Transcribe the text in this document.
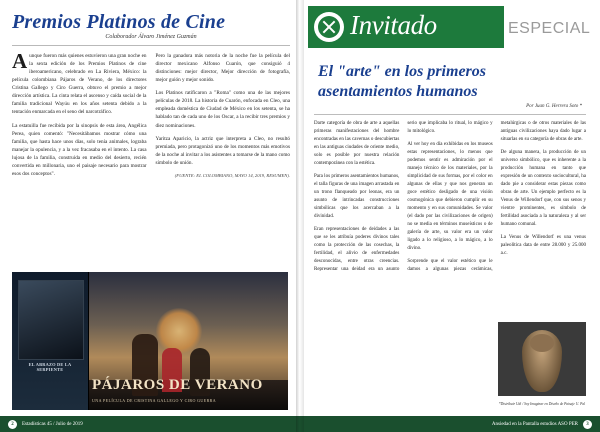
Premios Platinos de Cine
Colaborador Álvaro Jiménez Guzmán

Aunque fueron más quienes estuvieron una gran noche en la sexta edición de los Premios Platinos de cine iberoamericano, celebrado en La Riviera, México: la película colombiana Pájaros de Verano, de los directores Cristina Gallego y Ciro Guerra, obtuvo el premio a mejor dirección artística. La cinta relata el ascenso y caída social de la familia tradicional Wayúu en los años setenta debido a la tentación enmarcada en el seno del narcotráfico.

La estatuilla fue recibida por la sinopsis de esta área, Angélica Perea, quien comentó: "Necesitábamos mostrar cómo una familia, que hasta hace unos días, solo tenía animales, lograba manejar la opulencia, y a la vez fracasaba en el intento. La casa lujosa de la familia, construida en medio del desierto, recién convertida en millonaria, uno el paisaje necesario para mostrar esos dos conceptos".

Pero la ganadora más notoria de la noche fue la película del director mexicano Alfonso Cuarón, que consiguió 4 distinciones: mejor director, Mejor dirección de fotografía, mejor guión y mejor sonido.

Los Platinos ratificaron a "Roma" como una de las mejores películas de 2018. La historia de Cuarón, enfocada en Cleo, una empleada doméstica de Ciudad de México en los setenta, se ha hablado tan de cada uno de los Oscar, a la recibir tres premios y diez nominaciones.

Yaritza Aparicio, la actriz que interpreta a Cleo, no resultó premiada, pero protagonizó uno de los momentos más emotivos de la noche al invitar a los asistentes a tomarse de la mano como símbolo de unión.

(FUENTE: EL COLOMBIANO, MAYO 14, 2019, RESUMEN).
EL ABRAZO DE LA SERPIENTE
PÁJAROS DE VERANO
UNA PELÍCULA DE CRISTINA GALLEGO Y CIRO GUERRA
2	Estadísticas 45 / Julio de 2019
Invitado	ESPECIAL
El "arte" en los primeros asentamientos humanos
Por Juan G. Herrera Soto *

Darte categoría de obra de arte a aquellas primeras manifestaciones del hombre encontradas en las cavernas o descubiertas en las antiguas ciudades de oriente medio, solo es posible por nuestra relación contemporánea con la estética.

Para los primeros asentamientos humanos, el talla figuras de una imagen arrastada en un trono flanqueado por leonas, era un asunto de intrincadas construcciones simbólicas que los acercaban a la divinidad.

Eran representaciones de deidades a las que se les atribuía poderes divinos tales como la protección de las cosechas, la fertilidad, el alivio de enfermedades desconocidas, entre otras creencias. Representar una deidad era un asunto serio que implicaba lo ritual, lo mágico y lo mitológico.

Al ver hoy en día exhibidas en los museos estas representaciones, lo menos que podemos sentir es admiración por el manejo técnico de los materiales, por la simplicidad de sus formas, por el color en algunas de ellas y que nos generan un goce estético desligado de una visión cosmogónica que debieron cumplir en su momento y en sus comunidades. Se valor (el dado por las civilizaciones de origen) no se media en términos museísticos o de galería de arte, su valor era un valor ligado a lo religioso, a lo mágico, a lo divino.

Sorprende que el valor estético que le damos a algunas piezas cerámicas, metalúrgicas o de otros materiales de las antiguas civilizaciones haya dado lugar a situarlas en su categoría de obras de arte.

De alguna manera, la producción de un universo simbólico, que es inherente a la producción humana en tanto que expresión de un contexto sociocultural, ha dado pie a considerar estas piezas como obras de arte. Un ejemplo perfecto es la Venus de Willendorf que, con sus senos y vientre prominentes, es símbolo de fertilidad asociada a la naturaleza y al ser humano comunal.

La Venus de Willendorf es una venus paleolítica data de entre 28.000 y 25.000 a.c.

*Distribuir Udi / Soy Imaginar en Diseño de Paisaje U. Pal
Ansiedad en la Pantalla estudios ASO PER	3
